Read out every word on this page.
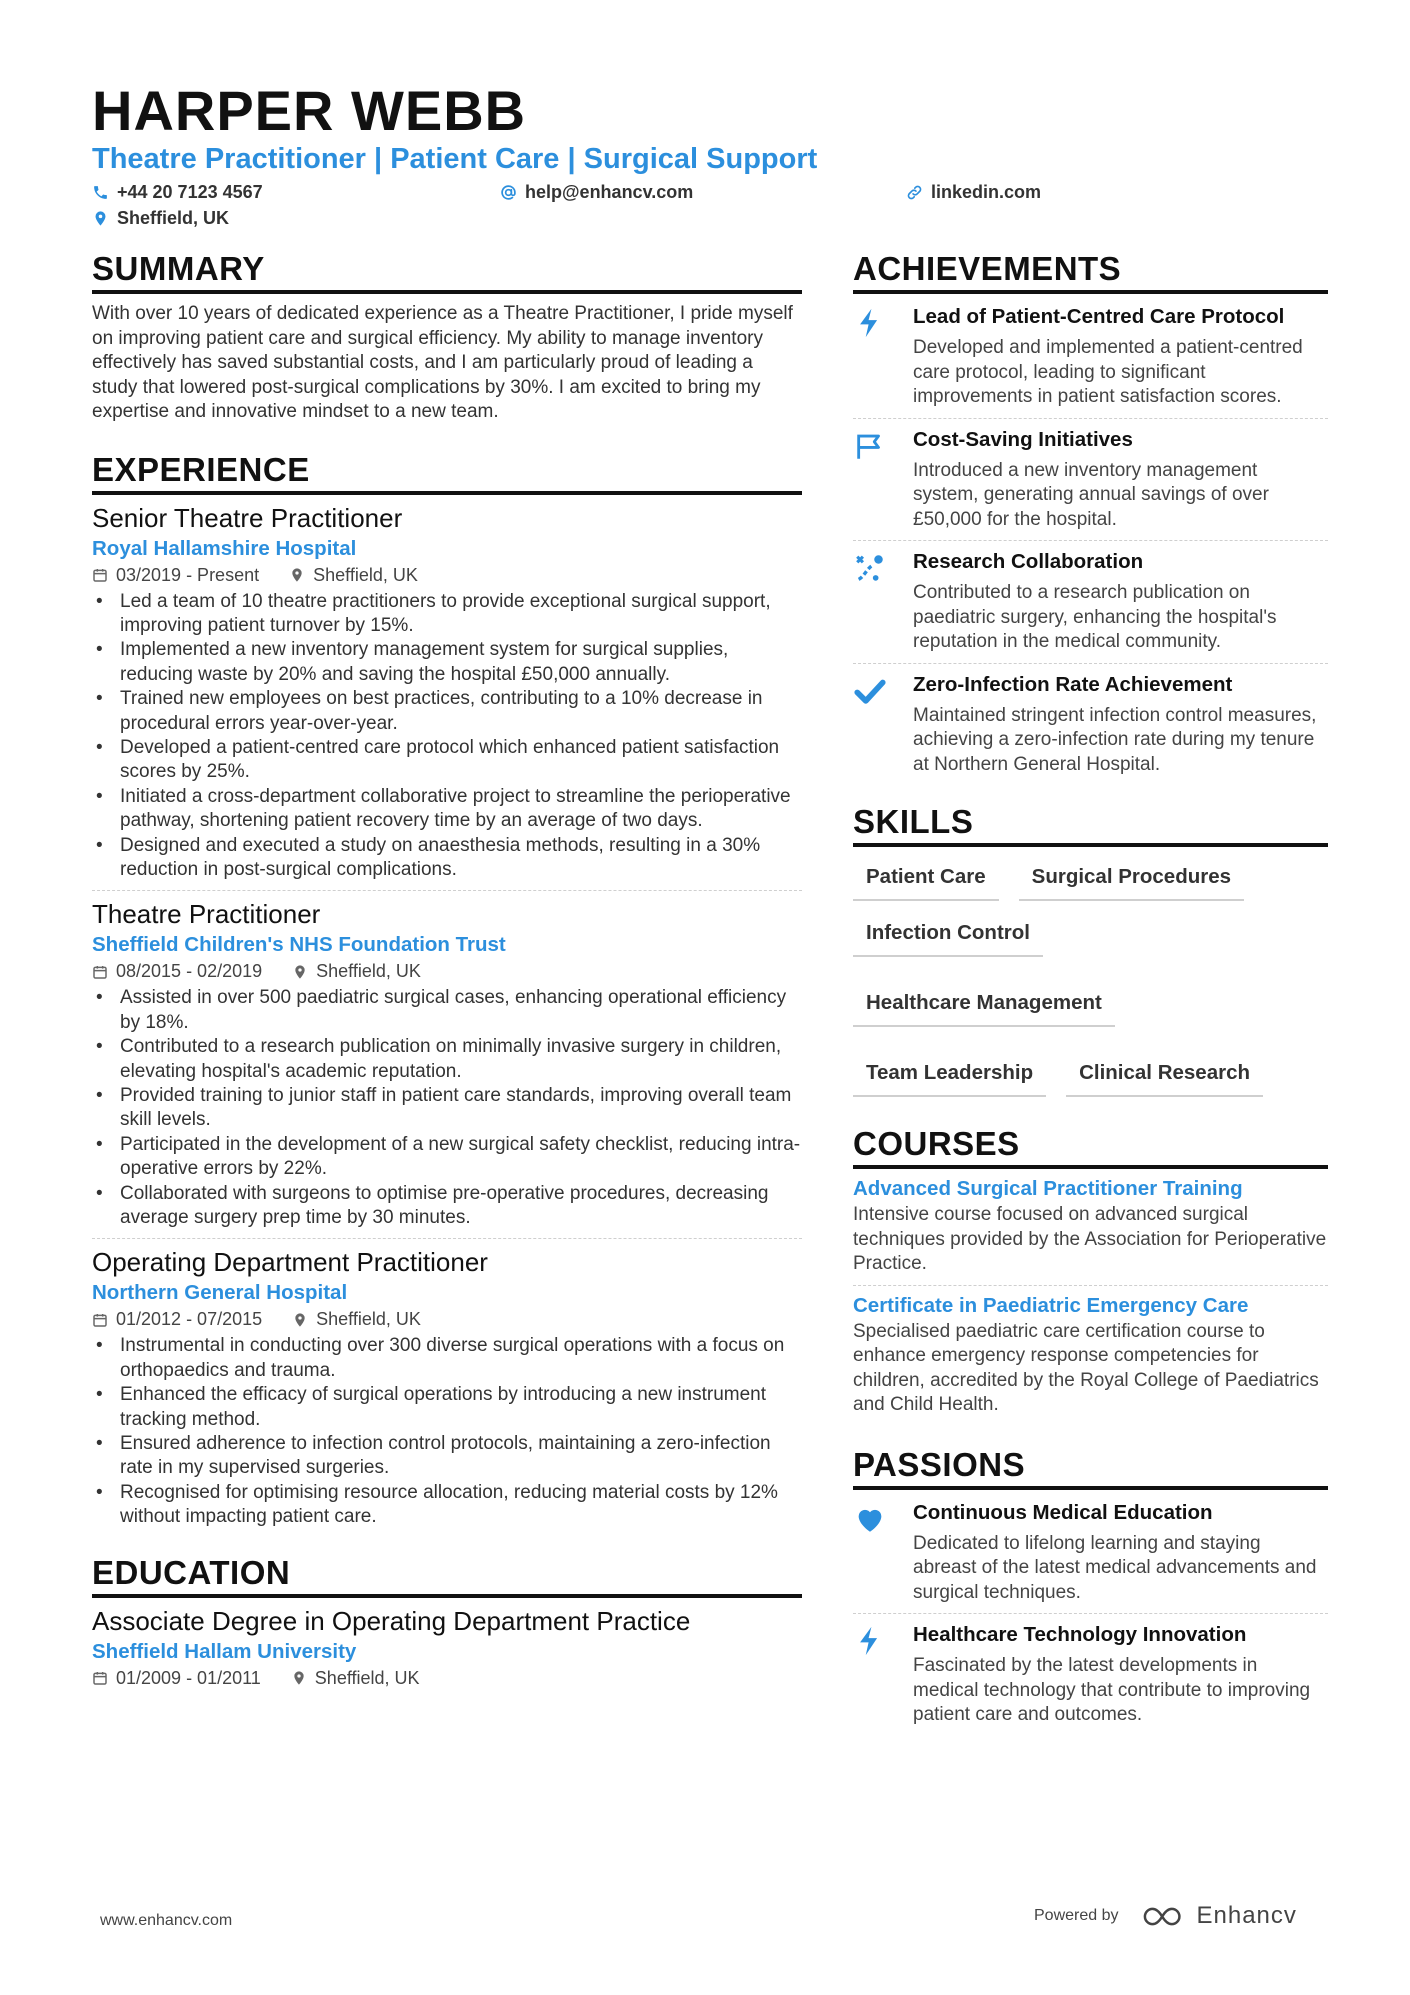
HARPER WEBB
Theatre Practitioner | Patient Care | Surgical Support
+44 20 7123 4567	help@enhancv.com	linkedin.com
Sheffield, UK
SUMMARY

With over 10 years of dedicated experience as a Theatre Practitioner, I pride myself on improving patient care and surgical efficiency. My ability to manage inventory effectively has saved substantial costs, and I am particularly proud of leading a study that lowered post-surgical complications by 30%. I am excited to bring my expertise and innovative mindset to a new team.

EXPERIENCE
Senior Theatre Practitioner
Royal Hallamshire Hospital
03/2019 - Present	Sheffield, UK
• Led a team of 10 theatre practitioners to provide exceptional surgical support, improving patient turnover by 15%.
• Implemented a new inventory management system for surgical supplies, reducing waste by 20% and saving the hospital £50,000 annually.
• Trained new employees on best practices, contributing to a 10% decrease in procedural errors year-over-year.
• Developed a patient-centred care protocol which enhanced patient satisfaction scores by 25%.
• Initiated a cross-department collaborative project to streamline the perioperative pathway, shortening patient recovery time by an average of two days.
• Designed and executed a study on anaesthesia methods, resulting in a 30% reduction in post-surgical complications.
Theatre Practitioner
Sheffield Children's NHS Foundation Trust
08/2015 - 02/2019	Sheffield, UK
• Assisted in over 500 paediatric surgical cases, enhancing operational efficiency by 18%.
• Contributed to a research publication on minimally invasive surgery in children, elevating hospital's academic reputation.
• Provided training to junior staff in patient care standards, improving overall team skill levels.
• Participated in the development of a new surgical safety checklist, reducing intra-operative errors by 22%.
• Collaborated with surgeons to optimise pre-operative procedures, decreasing average surgery prep time by 30 minutes.
Operating Department Practitioner
Northern General Hospital
01/2012 - 07/2015	Sheffield, UK
• Instrumental in conducting over 300 diverse surgical operations with a focus on orthopaedics and trauma.
• Enhanced the efficacy of surgical operations by introducing a new instrument tracking method.
• Ensured adherence to infection control protocols, maintaining a zero-infection rate in my supervised surgeries.
• Recognised for optimising resource allocation, reducing material costs by 12% without impacting patient care.
EDUCATION
Associate Degree in Operating Department Practice
Sheffield Hallam University
01/2009 - 01/2011	Sheffield, UK
ACHIEVEMENTS
Lead of Patient-Centred Care Protocol
Developed and implemented a patient-centred care protocol, leading to significant improvements in patient satisfaction scores.
Cost-Saving Initiatives
Introduced a new inventory management system, generating annual savings of over £50,000 for the hospital.
Research Collaboration
Contributed to a research publication on paediatric surgery, enhancing the hospital's reputation in the medical community.
Zero-Infection Rate Achievement
Maintained stringent infection control measures, achieving a zero-infection rate during my tenure at Northern General Hospital.
SKILLS
Patient Care	Surgical Procedures
Infection Control
Healthcare Management
Team Leadership	Clinical Research
COURSES
Advanced Surgical Practitioner Training
Intensive course focused on advanced surgical techniques provided by the Association for Perioperative Practice.
Certificate in Paediatric Emergency Care
Specialised paediatric care certification course to enhance emergency response competencies for children, accredited by the Royal College of Paediatrics and Child Health.
PASSIONS
Continuous Medical Education
Dedicated to lifelong learning and staying abreast of the latest medical advancements and surgical techniques.
Healthcare Technology Innovation
Fascinated by the latest developments in medical technology that contribute to improving patient care and outcomes.
www.enhancv.com	Powered by	Enhancv
